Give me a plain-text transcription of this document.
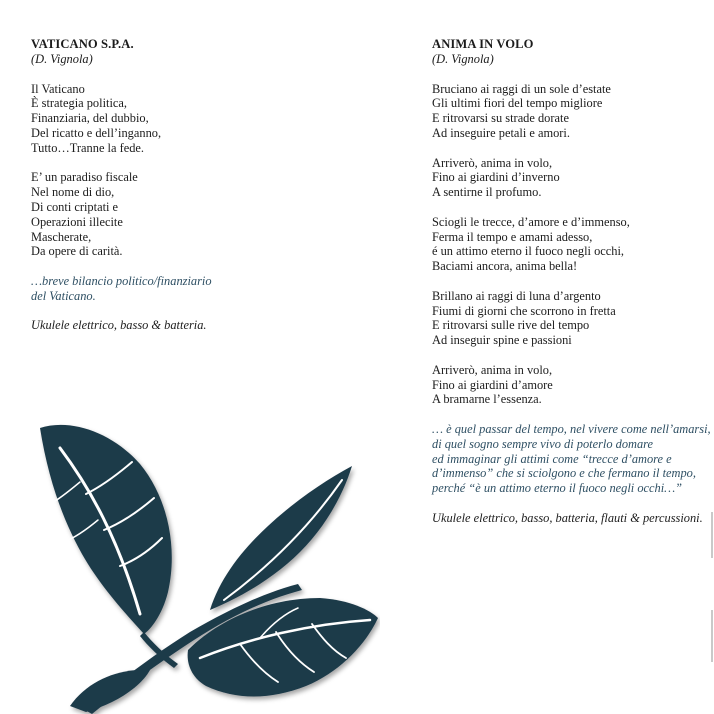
VATICANO S.P.A.
(D. Vignola)
Il Vaticano
È strategia politica,
Finanziaria, del dubbio,
Del ricatto e dell’inganno,
Tutto…Tranne la fede.
E’ un paradiso fiscale
Nel nome di dio,
Di conti criptati e
Operazioni illecite
Mascherate,
Da opere di carità.
…breve bilancio politico/finanziario
del Vaticano.
Ukulele elettrico, basso & batteria.
ANIMA IN VOLO
(D. Vignola)
Bruciano ai raggi di un sole d’estate
Gli ultimi fiori del tempo migliore
E ritrovarsi su strade dorate
Ad inseguire petali e amori.
Arriverò, anima in volo,
Fino ai giardini d’inverno
A sentirne il profumo.
Sciogli le trecce, d’amore e d’immenso,
Ferma il tempo e amami adesso,
é un attimo eterno il fuoco negli occhi,
Baciami ancora, anima bella!
Brillano ai raggi di luna d’argento
Fiumi di giorni che scorrono in fretta
E ritrovarsi sulle rive del tempo
Ad inseguir spine e passioni
Arriverò, anima in volo,
Fino ai giardini d’amore
A bramarne l’essenza.
… è quel passar del tempo, nel vivere come nell’amarsi,
di quel sogno sempre vivo di poterlo domare
ed immaginar gli attimi come “trecce d’amore e
d’immenso” che si sciolgono e che fermano il tempo,
perché “è un attimo eterno il fuoco negli occhi…”
Ukulele elettrico, basso, batteria, flauti & percussioni.
